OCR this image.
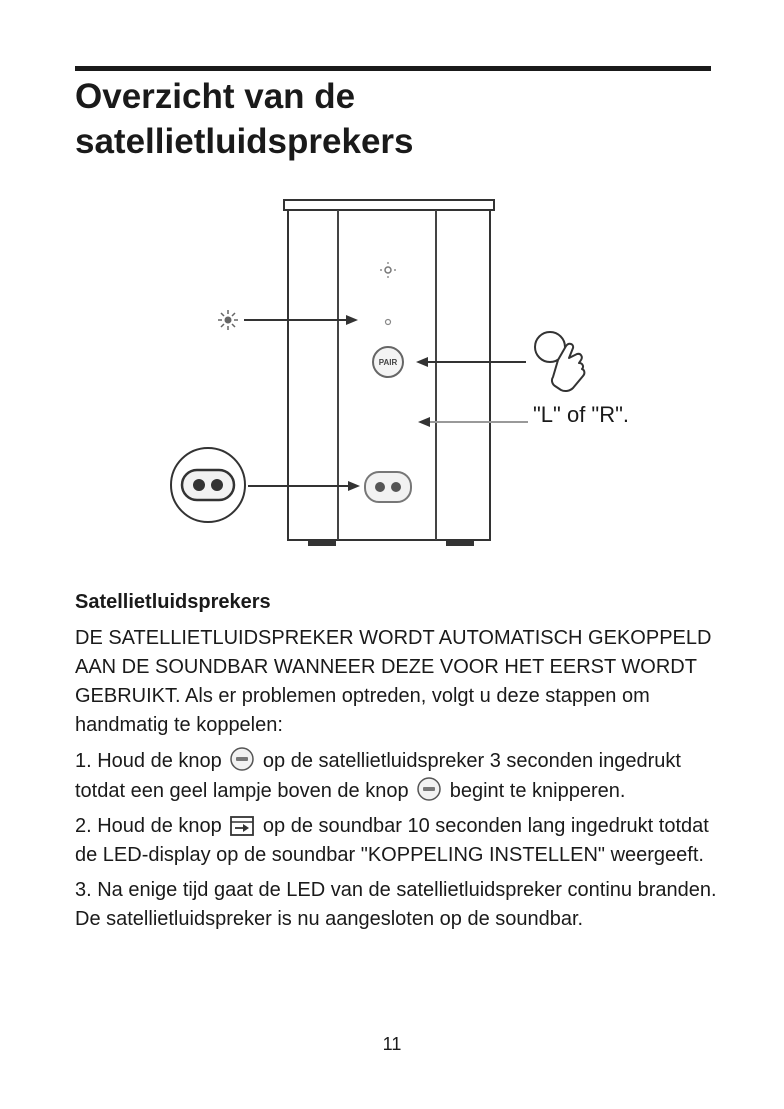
Overzicht van de satellietluidsprekers
PAIR
"L" of "R".
Satellietluidsprekers

DE SATELLIETLUIDSPREKER WORDT AUTOMATISCH GEKOPPELD AAN DE SOUNDBAR WANNEER DEZE VOOR HET EERST WORDT GEBRUIKT. Als er problemen optreden, volgt u deze stappen om handmatig te koppelen:

1. Houd de knop op de satellietluidspreker 3 seconden ingedrukt totdat een geel lampje boven de knop begint te knipperen.

2. Houd de knop op de soundbar 10 seconden lang ingedrukt totdat de LED-display op de soundbar "KOPPELING INSTELLEN" weergeeft.

3. Na enige tijd gaat de LED van de satellietluidspreker continu branden. De satellietluidspreker is nu aangesloten op de soundbar.

11
